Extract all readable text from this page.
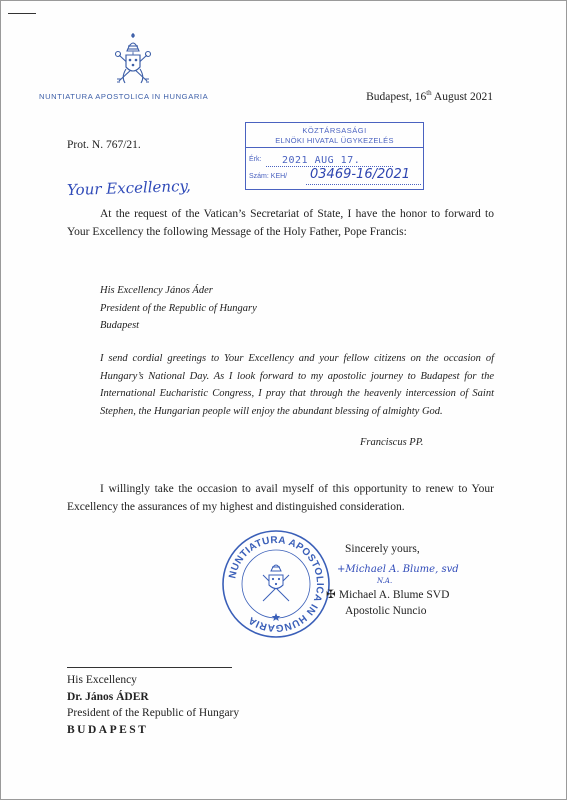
NUNTIATURA APOSTOLICA IN HUNGARIA	Budapest, 16th August 2021
Prot. N. 767/21.
KÖZTÁRSASÁGI
ELNÖKI HIVATAL ÜGYKEZELÉS
Érk: 2021 AUG 17.
Szám: KEH/ 03469-16/2021
Your Excellency,
At the request of the Vatican’s Secretariat of State, I have the honor to forward to Your Excellency the following Message of the Holy Father, Pope Francis:
His Excellency János Áder
President of the Republic of Hungary
Budapest
I send cordial greetings to Your Excellency and your fellow citizens on the occasion of Hungary’s National Day. As I look forward to my apostolic journey to Budapest for the International Eucharistic Congress, I pray that through the heavenly intercession of Saint Stephen, the Hungarian people will enjoy the abundant blessing of almighty God.
Franciscus PP.
I willingly take the occasion to avail myself of this opportunity to renew to Your Excellency the assurances of my highest and distinguished consideration.
NUNTIATURA APOSTOLICA IN HUNGARIA
Sincerely yours,
+Michael A. Blume, svd
N.A.
✠ Michael A. Blume SVD
Apostolic Nuncio
His Excellency
Dr. János ÁDER
President of the Republic of Hungary
BUDAPEST
